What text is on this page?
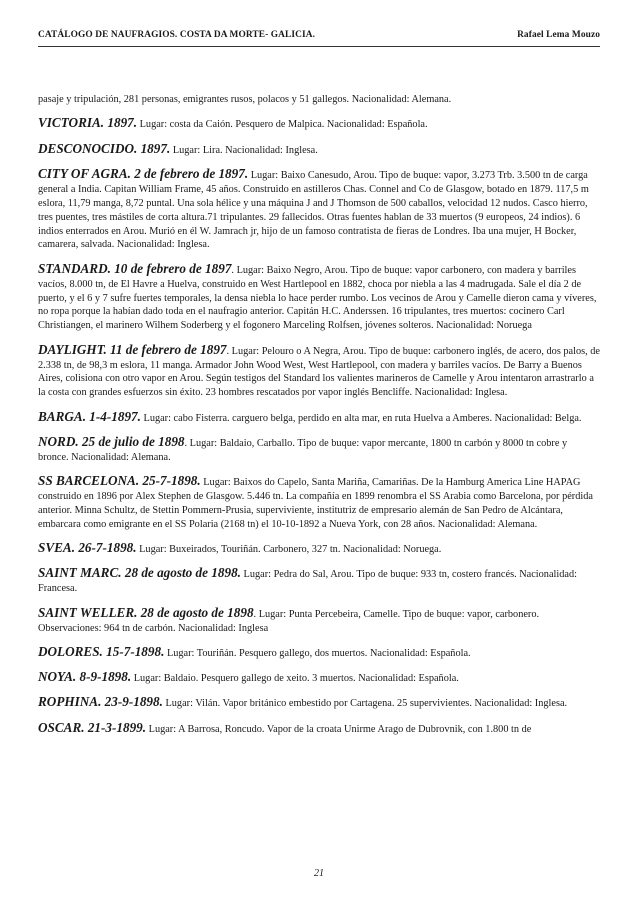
CATÁLOGO DE NAUFRAGIOS. COSTA DA MORTE- GALICIA.	Rafael Lema Mouzo

pasaje y tripulación, 281 personas, emigrantes rusos, polacos y 51 gallegos. Nacionalidad: Alemana.

VICTORIA. 1897. Lugar: costa da Caión. Pesquero de Malpica. Nacionalidad: Española.

DESCONOCIDO. 1897. Lugar: Lira. Nacionalidad: Inglesa.

CITY OF AGRA. 2 de febrero de 1897. Lugar: Baixo Canesudo, Arou. Tipo de buque: vapor, 3.273 Trb. 3.500 tn de carga general a India. Capitan William Frame, 45 años. Construido en astilleros Chas. Connel and Co de Glasgow, botado en 1879. 117,5 m eslora, 11,79 manga, 8,72 puntal. Una sola hélice y una máquina J and J Thomson de 500 caballos, velocidad 12 nudos. Casco hierro, tres puentes, tres mástiles de corta altura.71 tripulantes. 29 fallecidos. Otras fuentes hablan de 33 muertos (9 europeos, 24 indios). 6 indios enterrados en Arou. Murió en él W. Jamrach jr, hijo de un famoso contratista de fieras de Londres. Iba una mujer, H Bocker, camarera, salvada. Nacionalidad: Inglesa.

STANDARD. 10 de febrero de 1897. Lugar: Baixo Negro, Arou. Tipo de buque: vapor carbonero, con madera y barriles vacíos, 8.000 tn, de El Havre a Huelva, construido en West Hartlepool en 1882, choca por niebla a las 4 madrugada. Sale el día 2 de puerto, y el 6 y 7 sufre fuertes temporales, la densa niebla lo hace perder rumbo. Los vecinos de Arou y Camelle dieron cama y víveres, no ropa porque la habían dado toda en el naufragio anterior. Capitán H.C. Anderssen. 16 tripulantes, tres muertos: cocinero Carl Christiangen, el marinero Wilhem Soderberg y el fogonero Marceling Rolfsen, jóvenes solteros. Nacionalidad: Noruega

DAYLIGHT. 11 de febrero de 1897. Lugar: Pelouro o A Negra, Arou. Tipo de buque: carbonero inglés, de acero, dos palos, de 2.338 tn, de 98,3 m eslora, 11 manga. Armador John Wood West, West Hartlepool, con madera y barriles vacíos. De Barry a Buenos Aires, colisiona con otro vapor en Arou. Según testigos del Standard los valientes marineros de Camelle y Arou intentaron arrastrarlo a la costa con grandes esfuerzos sin éxito. 23 hombres rescatados por vapor inglés Bencliffe. Nacionalidad: Inglesa.

BARGA. 1-4-1897. Lugar: cabo Fisterra. carguero belga, perdido en alta mar, en ruta Huelva a Amberes. Nacionalidad: Belga.

NORD. 25 de julio de 1898. Lugar: Baldaio, Carballo. Tipo de buque: vapor mercante, 1800 tn carbón y 8000 tn cobre y bronce. Nacionalidad: Alemana.

SS BARCELONA. 25-7-1898. Lugar: Baixos do Capelo, Santa Mariña, Camariñas. De la Hamburg America Line HAPAG construido en 1896 por Alex Stephen de Glasgow. 5.446 tn. La compañía en 1899 renombra el SS Arabia como Barcelona, por pérdida anterior. Minna Schultz, de Stettin Pommern-Prusia, superviviente, institutriz de empresario alemán de San Pedro de Alcántara, embarcara como emigrante en el SS Polaria (2168 tn) el 10-10-1892 a Nueva York, con 28 años. Nacionalidad: Alemana.

SVEA. 26-7-1898. Lugar: Buxeirados, Touriñán. Carbonero, 327 tn. Nacionalidad: Noruega.

SAINT MARC. 28 de agosto de 1898. Lugar: Pedra do Sal, Arou. Tipo de buque: 933 tn, costero francés. Nacionalidad: Francesa.

SAINT WELLER. 28 de agosto de 1898. Lugar: Punta Percebeira, Camelle. Tipo de buque: vapor, carbonero. Observaciones: 964 tn de carbón. Nacionalidad: Inglesa

DOLORES. 15-7-1898. Lugar: Touriñán. Pesquero gallego, dos muertos. Nacionalidad: Española.

NOYA. 8-9-1898. Lugar: Baldaio. Pesquero gallego de xeito. 3 muertos. Nacionalidad: Española.

ROPHINA. 23-9-1898. Lugar: Vilán. Vapor británico embestido por Cartagena. 25 supervivientes. Nacionalidad: Inglesa.

OSCAR. 21-3-1899. Lugar: A Barrosa, Roncudo. Vapor de la croata Unirme Arago de Dubrovnik, con 1.800 tn de

21
